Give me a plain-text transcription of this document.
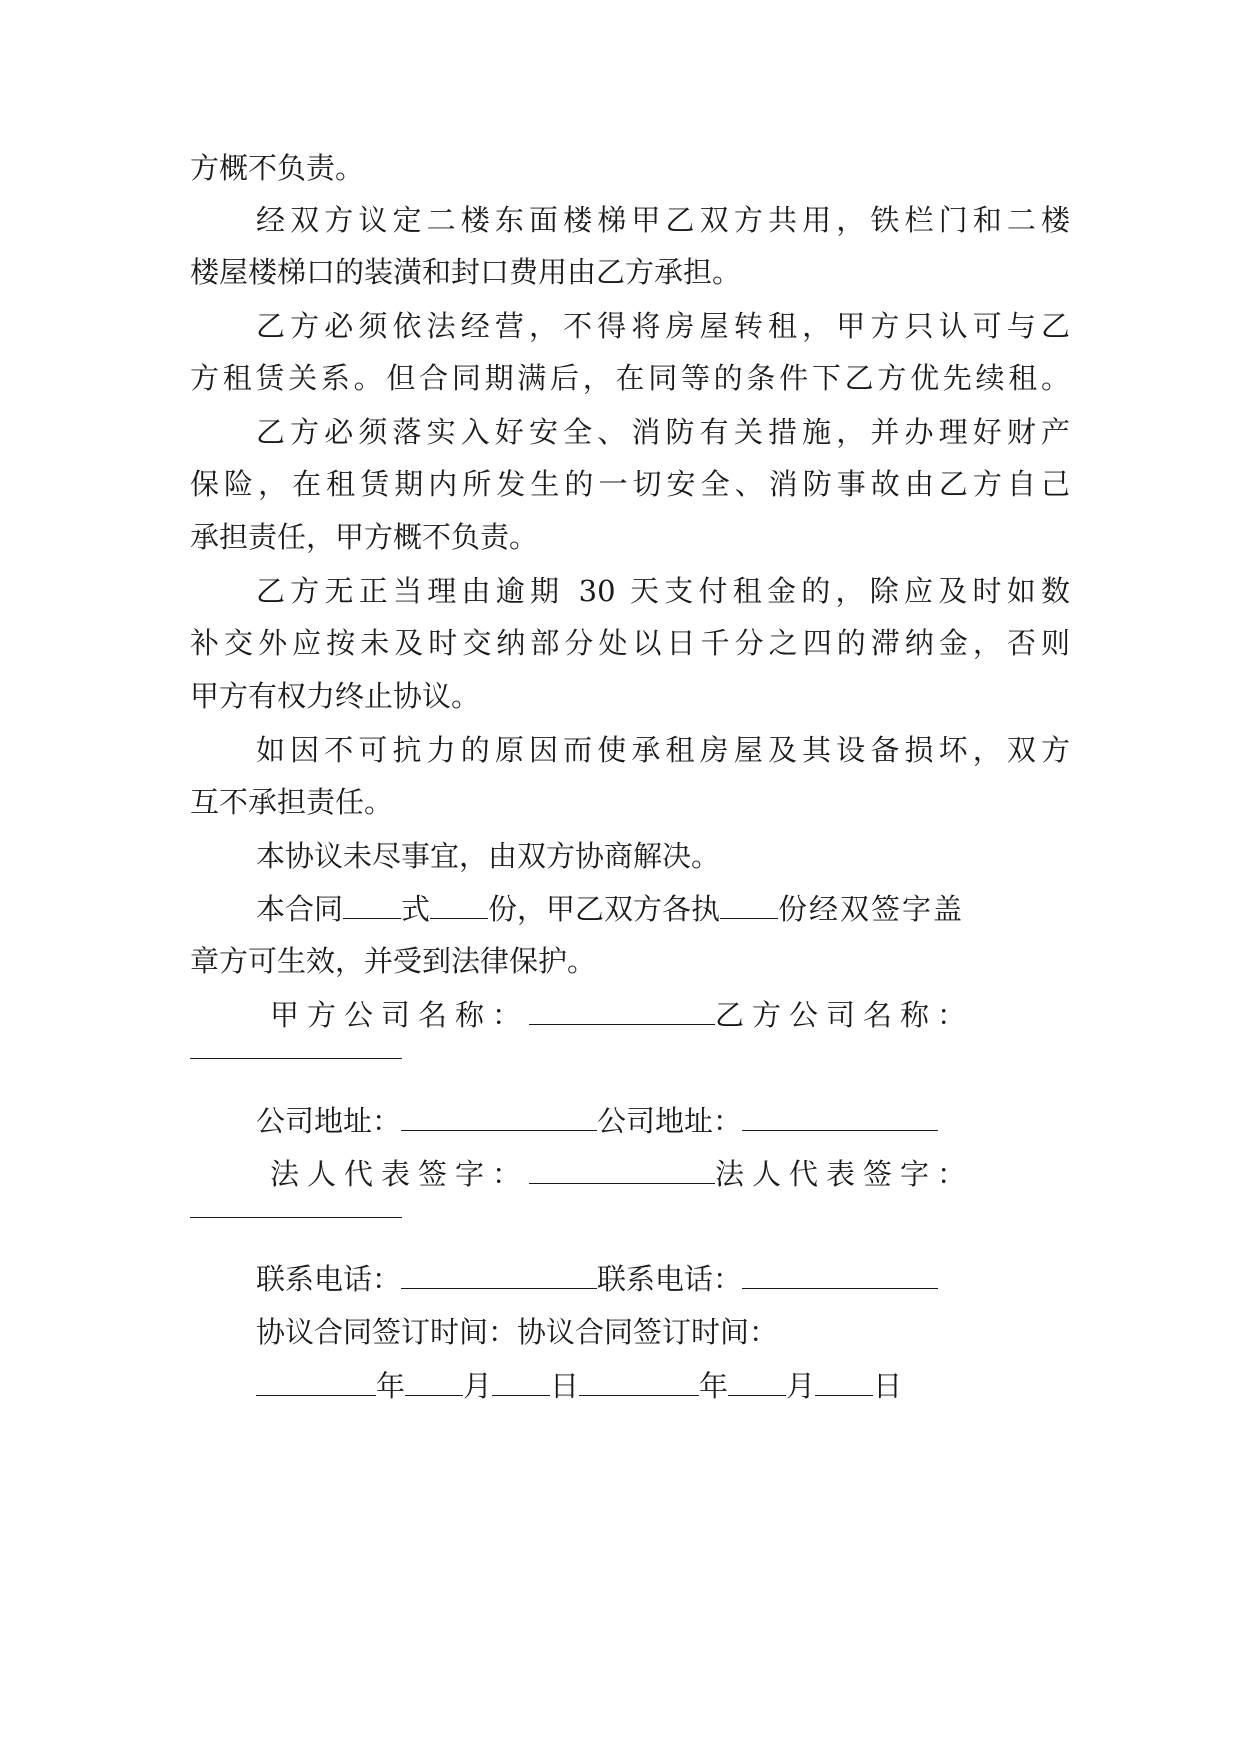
方概不负责。
经双方议定二楼东面楼梯甲乙双方共用，铁栏门和二楼
楼屋楼梯口的装潢和封口费用由乙方承担。
乙方必须依法经营，不得将房屋转租，甲方只认可与乙
方租赁关系。但合同期满后，在同等的条件下乙方优先续租。
乙方必须落实入好安全、消防有关措施，并办理好财产
保险，在租赁期内所发生的一切安全、消防事故由乙方自己
承担责任，甲方概不负责。
乙方无正当理由逾期 30 天支付租金的，除应及时如数
补交外应按未及时交纳部分处以日千分之四的滞纳金，否则
甲方有权力终止协议。
如因不可抗力的原因而使承租房屋及其设备损坏，双方
互不承担责任。
本协议未尽事宜，由双方协商解决。
本合同 式 份，甲乙双方各执 份经双签字盖
章方可生效，并受到法律保护。
甲方公司名称：	乙方公司名称：
公司地址：	公司地址：
法人代表签字：	法人代表签字：
联系电话：	联系电话：
协议合同签订时间：协议合同签订时间：
年 月 日	年 月 日
